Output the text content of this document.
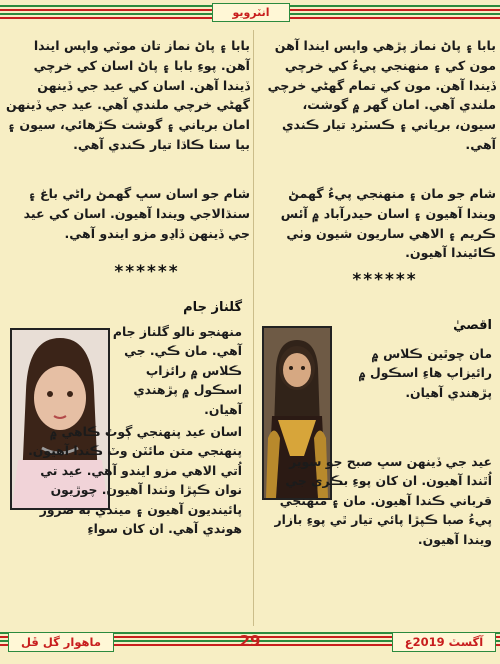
انٽرويو

بابا ۽ پاڻ نماز پڙهي واپس ايندا آهن مون کي ۽ منهنجي پيءُ کي خرچي ڏيندا آهن. مون کي تمام گهڻي خرچي ملندي آهي. امان گهر ۾ گوشت، سيون، برياني ۽ ڪسٽرڊ تيار ڪندي آهي.

شام جو مان ۽ منهنجي پيءُ گهمڻ ويندا آهيون ۽ اسان حيدرآباد ۾ آئس ڪريم ۽ الاهي ساريون شيون وٺي ڪائيندا آهيون.

******

بابا ۽ پاڻ نماز تان موٽي واپس ايندا آهن. پوءِ بابا ۽ پاڻ اسان کي خرچي ڏيندا آهن. اسان کي عيد جي ڏينهن گهڻي خرچي ملندي آهي. عيد جي ڏينهن امان برياني ۽ گوشت ڪڙهائي، سيون ۽ بيا سنا ڪاڌا تيار ڪندي آهي.

شام جو اسان سڀ گهمڻ راڻي باغ ۽ سنڌالاجي ويندا آهيون. اسان کي عيد جي ڏينهن ڏاڍو مزو ايندو آهي.

******
اقصيٰ
مان چوٿين ڪلاس ۾ رائيزاپ هاءِ اسڪول ۾ پڙهندي آهيان.
عيد جي ڏينهن سڀ صبح جو سوير اُٿندا آهيون. ان کان پوءِ بڪري جي قرباني ڪندا آهيون. مان ۽ منهنجي پيءُ صبا ڪپڙا پائي تيار ٿي پوءِ بازار ويندا آهيون.
گلناز جام
منهنجو نالو گلناز جام آهي. مان ڪي. جي ڪلاس ۾ رائزاپ اسڪول ۾ پڙهندي آهيان.
اسان عيد پنهنجي ڳوٺ ڪاهي ۾ پنهنجي متن مائٽن وٽ ڪندا آهيون. اُتي الاهي مزو ايندو آهي. عيد تي نوان ڪپڙا وٺندا آهيون. چوڙيون پائينديون آهيون ۽ ميندي به ضرور هوندي آهي. ان کان سواءِ
آگسٽ 2019ع
29
ماهوار گل ڦل
